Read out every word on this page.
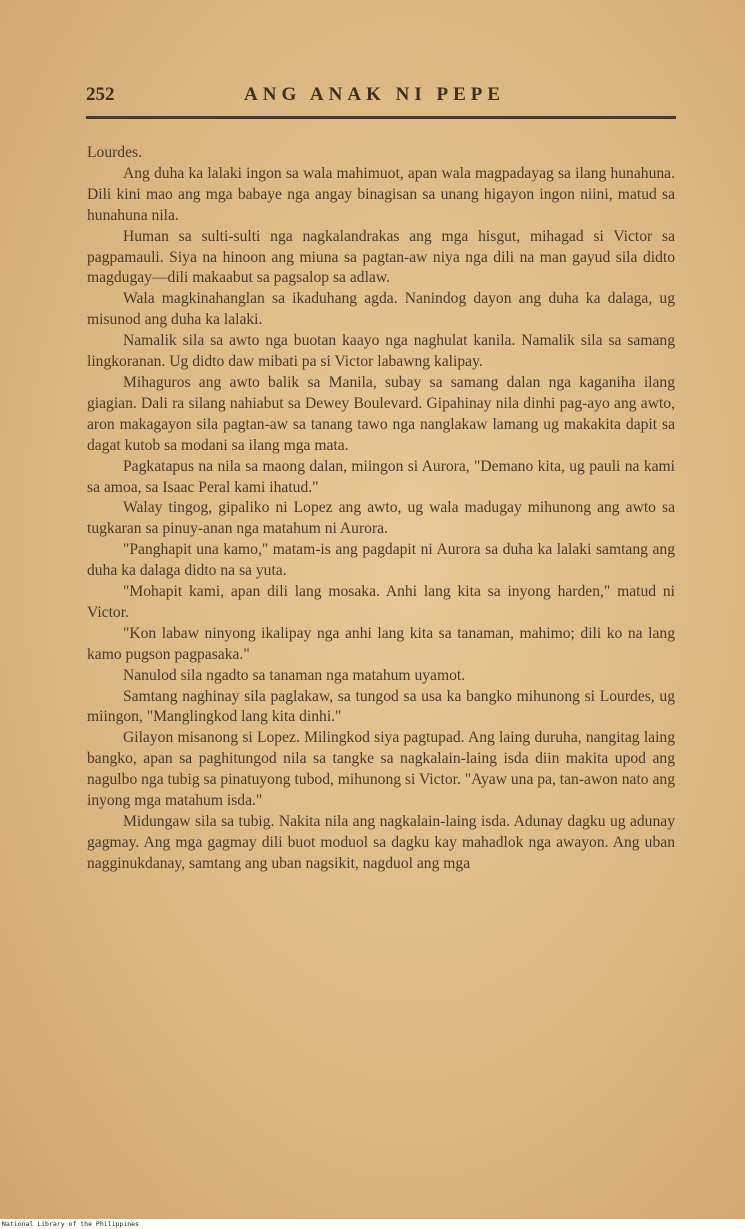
252	ANG ANAK NI PEPE

Lourdes.

Ang duha ka lalaki ingon sa wala mahimuot, apan wala magpadayag sa ilang hunahuna. Dili kini mao ang mga babaye nga angay binagisan sa unang higayon ingon niini, matud sa hunahuna nila.

Human sa sulti-sulti nga nagkalandrakas ang mga hisgut, mihagad si Victor sa pagpamauli. Siya na hinoon ang miuna sa pagtan-aw niya nga dili na man gayud sila didto magdugay—dili makaabut sa pagsalop sa adlaw.

Wala magkinahanglan sa ikaduhang agda. Nanindog dayon ang duha ka dalaga, ug misunod ang duha ka lalaki.

Namalik sila sa awto nga buotan kaayo nga naghulat kanila. Namalik sila sa samang lingkoranan. Ug didto daw mibati pa si Victor labawng kalipay.

Mihaguros ang awto balik sa Manila, subay sa samang dalan nga kaganiha ilang giagian. Dali ra silang nahiabut sa Dewey Boulevard. Gipahinay nila dinhi pag-ayo ang awto, aron makagayon sila pagtan-aw sa tanang tawo nga nanglakaw lamang ug makakita dapit sa dagat kutob sa modani sa ilang mga mata.

Pagkatapus na nila sa maong dalan, miingon si Aurora, "Demano kita, ug pauli na kami sa amoa, sa Isaac Peral kami ihatud."

Walay tingog, gipaliko ni Lopez ang awto, ug wala madugay mihunong ang awto sa tugkaran sa pinuy-anan nga matahum ni Aurora.

"Panghapit una kamo," matam-is ang pagdapit ni Aurora sa duha ka lalaki samtang ang duha ka dalaga didto na sa yuta.

"Mohapit kami, apan dili lang mosaka. Anhi lang kita sa inyong harden," matud ni Victor.

"Kon labaw ninyong ikalipay nga anhi lang kita sa tanaman, mahimo; dili ko na lang kamo pugson pagpasaka."

Nanulod sila ngadto sa tanaman nga matahum uyamot.

Samtang naghinay sila paglakaw, sa tungod sa usa ka bangko mihunong si Lourdes, ug miingon, "Manglingkod lang kita dinhi."

Gilayon misanong si Lopez. Milingkod siya pagtupad. Ang laing duruha, nangitag laing bangko, apan sa paghitungod nila sa tangke sa nagkalain-laing isda diin makita upod ang nagulbo nga tubig sa pinatuyong tubod, mihunong si Victor. "Ayaw una pa, tan-awon nato ang inyong mga matahum isda."

Midungaw sila sa tubig. Nakita nila ang nagkalain-laing isda. Adunay dagku ug adunay gagmay. Ang mga gagmay dili buot moduol sa dagku kay mahadlok nga awayon. Ang uban nagginukdanay, samtang ang uban nagsikit, nagduol ang mga

National Library of the Philippines
